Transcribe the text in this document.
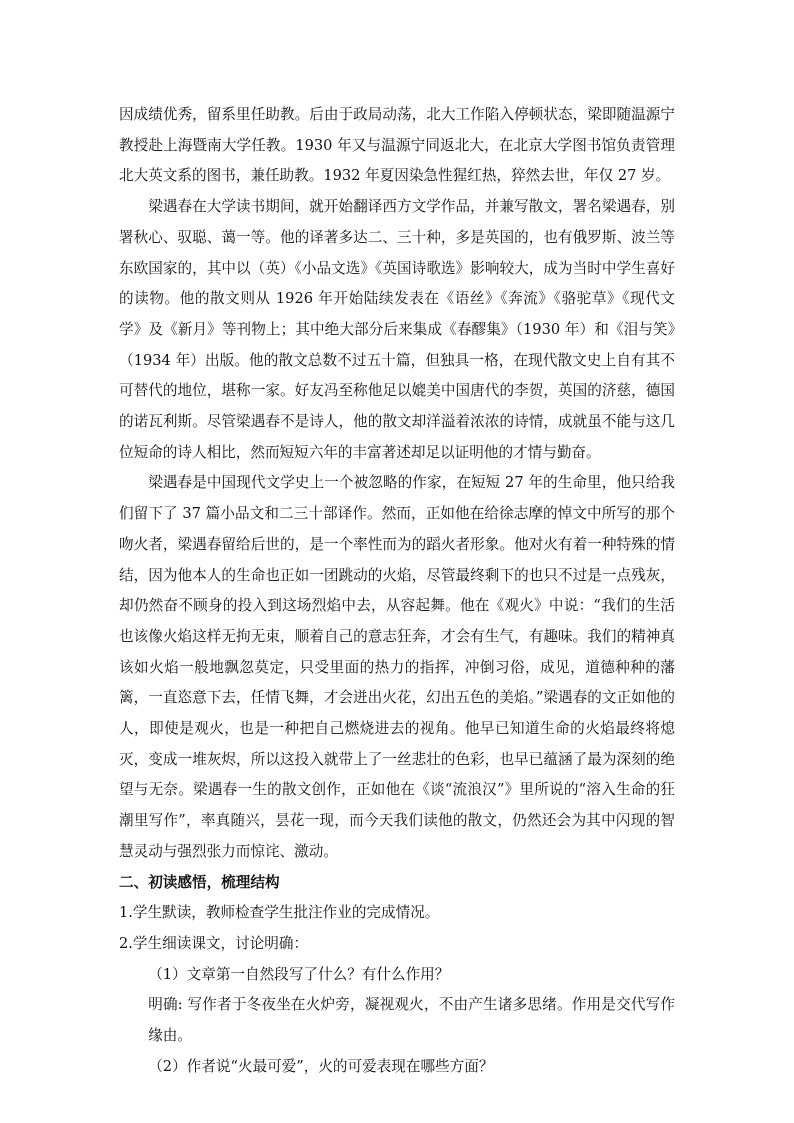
因成绩优秀，留系里任助教。后由于政局动荡，北大工作陷入停顿状态，梁即随温源宁教授赴上海暨南大学任教。1930 年又与温源宁同返北大，在北京大学图书馆负责管理北大英文系的图书，兼任助教。1932 年夏因染急性猩红热，猝然去世，年仅 27 岁。

梁遇春在大学读书期间，就开始翻译西方文学作品，并兼写散文，署名梁遇春，别署秋心、驭聪、蔼一等。他的译著多达二、三十种，多是英国的，也有俄罗斯、波兰等东欧国家的，其中以（英）《小品文选》《英国诗歌选》影响较大，成为当时中学生喜好的读物。他的散文则从 1926 年开始陆续发表在《语丝》《奔流》《骆驼草》《现代文学》及《新月》等刊物上；其中绝大部分后来集成《春醪集》（1930 年）和《泪与笑》（1934 年）出版。他的散文总数不过五十篇，但独具一格，在现代散文史上自有其不可替代的地位，堪称一家。好友冯至称他足以媲美中国唐代的李贺，英国的济慈，德国的诺瓦利斯。尽管梁遇春不是诗人，他的散文却洋溢着浓浓的诗情，成就虽不能与这几位短命的诗人相比，然而短短六年的丰富著述却足以证明他的才情与勤奋。

梁遇春是中国现代文学史上一个被忽略的作家，在短短 27 年的生命里，他只给我们留下了 37 篇小品文和二三十部译作。然而，正如他在给徐志摩的悼文中所写的那个吻火者，梁遇春留给后世的，是一个率性而为的蹈火者形象。他对火有着一种特殊的情结，因为他本人的生命也正如一团跳动的火焰，尽管最终剩下的也只不过是一点残灰，却仍然奋不顾身的投入到这场烈焰中去，从容起舞。他在《观火》中说：“我们的生活也该像火焰这样无拘无束，顺着自己的意志狂奔，才会有生气，有趣味。我们的精神真该如火焰一般地飘忽莫定，只受里面的热力的指挥，冲倒习俗，成见，道德种种的藩篱，一直恣意下去，任情飞舞，才会迸出火花，幻出五色的美焰。”梁遇春的文正如他的人，即使是观火，也是一种把自己燃烧进去的视角。他早已知道生命的火焰最终将熄灭，变成一堆灰烬，所以这投入就带上了一丝悲壮的色彩，也早已蕴涵了最为深刻的绝望与无奈。梁遇春一生的散文创作，正如他在《谈“流浪汉”》里所说的“溶入生命的狂潮里写作”，率真随兴，昙花一现，而今天我们读他的散文，仍然还会为其中闪现的智慧灵动与强烈张力而惊诧、激动。

二、初读感悟，梳理结构

1.学生默读，教师检查学生批注作业的完成情况。

2.学生细读课文，讨论明确：

（1）文章第一自然段写了什么？有什么作用？

明确: 写作者于冬夜坐在火炉旁，凝视观火，不由产生诸多思绪。作用是交代写作缘由。

（2）作者说“火最可爱”，火的可爱表现在哪些方面？
